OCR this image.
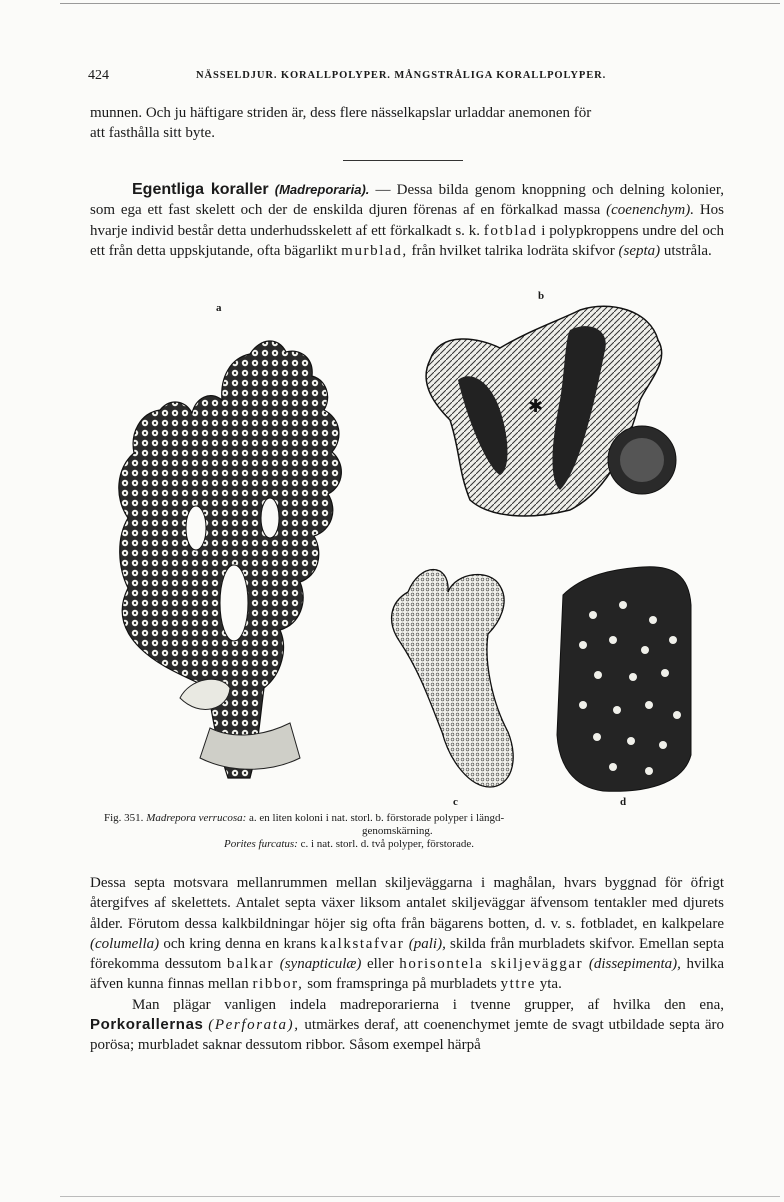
424	NÄSSELDJUR. KORALLPOLYPER. MÅNGSTRÅLIGA KORALLPOLYPER.

munnen. Och ju häftigare striden är, dess flere nässelkapslar urladdar anemonen för

att fasthålla sitt byte.

Egentliga koraller (Madreporaria). — Dessa bilda genom knoppning och delning kolonier, som ega ett fast skelett och der de enskilda djuren förenas af en förkalkad massa (coenenchym). Hos hvarje individ består detta underhudsskelett af ett förkalkadt s. k. fotblad i polypkroppens undre del och ett från detta uppskjutande, ofta bägarlikt murblad, från hvilket talrika lodräta skifvor (septa) utstråla.

a
b
c	d
✱
Fig. 351. Madrepora verrucosa: a. en liten koloni i nat. storl. b. förstorade polyper i längd-
genomskärning.
Porites furcatus: c. i nat. storl. d. två polyper, förstorade.

Dessa septa motsvara mellanrummen mellan skiljeväggarna i maghålan, hvars byggnad för öfrigt återgifves af skelettets. Antalet septa växer liksom antalet skiljeväggar äfvensom tentakler med djurets ålder. Förutom dessa kalkbildningar höjer sig ofta från bägarens botten, d. v. s. fotbladet, en kalkpelare (columella) och kring denna en krans kalkstafvar (pali), skilda från murbladets skifvor. Emellan septa förekomma dessutom balkar (synapticulæ) eller horisontela skiljeväggar (dissepimenta), hvilka äfven kunna finnas mellan ribbor, som framspringa på murbladets yttre yta.

Man plägar vanligen indela madreporarierna i tvenne grupper, af hvilka den ena, Porkorallernas (Perforata), utmärkes deraf, att coenenchymet jemte de svagt utbildade septa äro porösa; murbladet saknar dessutom ribbor. Såsom exempel härpå
